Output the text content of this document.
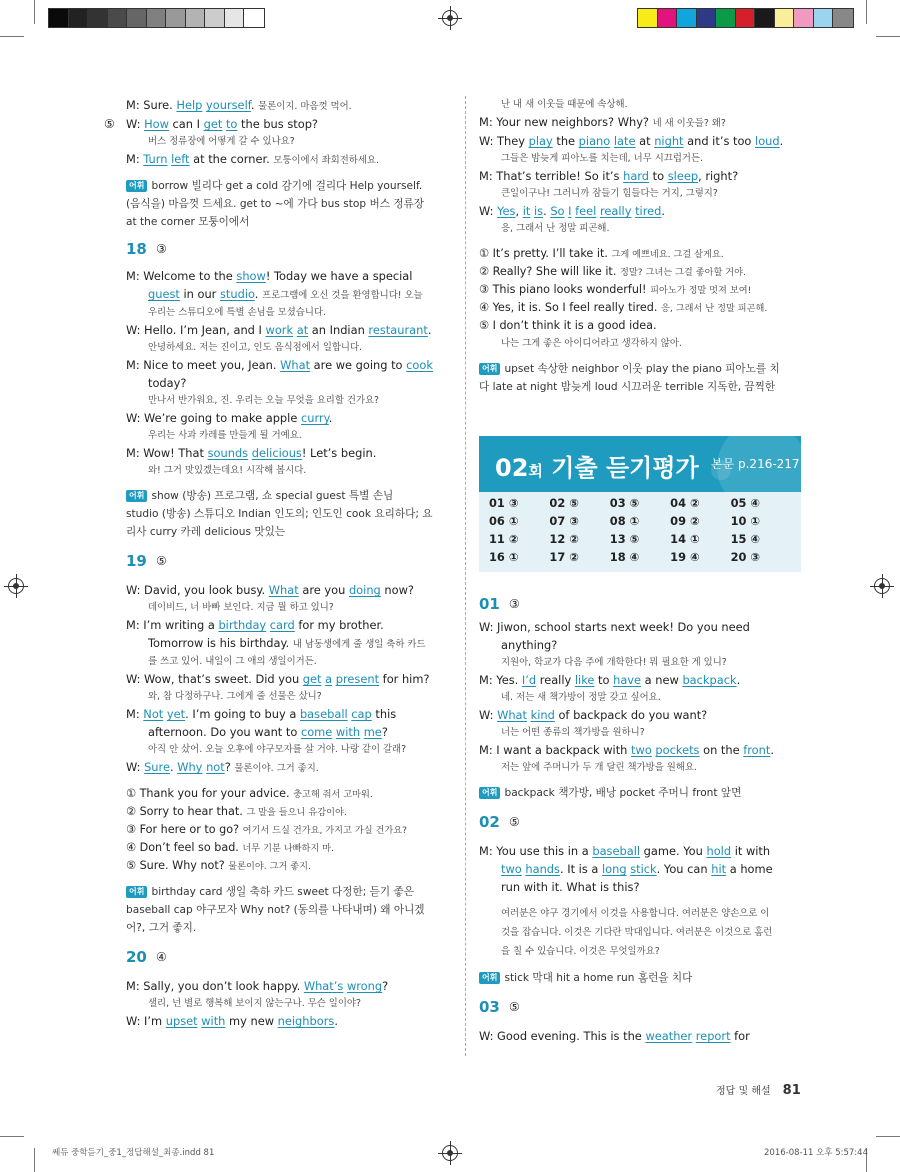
M: Sure. Help yourself. 물론이지. 마음껏 먹어.
⑤ W: How can I get to the bus stop?
버스 정류장에 어떻게 갈 수 있나요?
M: Turn left at the corner. 모퉁이에서 좌회전하세요.
어휘 borrow 빌리다 get a cold 감기에 걸리다 Help yourself.
(음식을) 마음껏 드세요. get to ~에 가다 bus stop 버스 정류장
at the corner 모퉁이에서
18 ③
M: Welcome to the show! Today we have a special
guest in our studio. 프로그램에 오신 것을 환영합니다! 오늘
우리는 스튜디오에 특별 손님을 모셨습니다.
W: Hello. I’m Jean, and I work at an Indian restaurant.
안녕하세요. 저는 진이고, 인도 음식점에서 일합니다.
M: Nice to meet you, Jean. What are we going to cook
today?
만나서 반가워요, 진. 우리는 오늘 무엇을 요리할 건가요?
W: We’re going to make apple curry.
우리는 사과 카레를 만들게 될 거예요.
M: Wow! That sounds delicious! Let’s begin.
와! 그거 맛있겠는데요! 시작해 봅시다.
어휘 show (방송) 프로그램, 쇼 special guest 특별 손님
studio (방송) 스튜디오 Indian 인도의; 인도인 cook 요리하다; 요
리사 curry 카레 delicious 맛있는
19 ⑤
W: David, you look busy. What are you doing now?
데이비드, 너 바빠 보인다. 지금 뭘 하고 있니?
M: I’m writing a birthday card for my brother.
Tomorrow is his birthday. 내 남동생에게 줄 생일 축하 카드
를 쓰고 있어. 내일이 그 애의 생일이거든.
W: Wow, that’s sweet. Did you get a present for him?
와, 참 다정하구나. 그에게 줄 선물은 샀니?
M: Not yet. I’m going to buy a baseball cap this
afternoon. Do you want to come with me?
아직 안 샀어. 오늘 오후에 야구모자를 살 거야. 나랑 같이 갈래?
W: Sure. Why not? 물론이야. 그거 좋지.
① Thank you for your advice. 충고해 줘서 고마워.
② Sorry to hear that. 그 말을 들으니 유감이야.
③ For here or to go? 여기서 드실 건가요, 가지고 가실 건가요?
④ Don’t feel so bad. 너무 기분 나빠하지 마.
⑤ Sure. Why not? 물론이야. 그거 좋지.
어휘 birthday card 생일 축하 카드 sweet 다정한; 듣기 좋은
baseball cap 야구모자 Why not? (동의를 나타내며) 왜 아니겠
어?, 그거 좋지.
20 ④
M: Sally, you don’t look happy. What’s wrong?
샐리, 넌 별로 행복해 보이지 않는구나. 무슨 일이야?
W: I’m upset with my new neighbors.
난 내 새 이웃들 때문에 속상해.
M: Your new neighbors? Why? 네 새 이웃들? 왜?
W: They play the piano late at night and it’s too loud.
그들은 밤늦게 피아노를 치는데, 너무 시끄럽거든.
M: That’s terrible! So it’s hard to sleep, right?
큰일이구나! 그러니까 잠들기 힘들다는 거지, 그렇지?
W: Yes, it is. So I feel really tired.
응, 그래서 난 정말 피곤해.
① It’s pretty. I’ll take it. 그게 예쁘네요. 그걸 살게요.
② Really? She will like it. 정말? 그녀는 그걸 좋아할 거야.
③ This piano looks wonderful! 피아노가 정말 멋져 보여!
④ Yes, it is. So I feel really tired. 응, 그래서 난 정말 피곤해.
⑤ I don’t think it is a good idea.
나는 그게 좋은 아이디어라고 생각하지 않아.
어휘 upset 속상한 neighbor 이웃 play the piano 피아노를 치
다 late at night 밤늦게 loud 시끄러운 terrible 지독한, 끔찍한
02회 기출 듣기평가 본문 p.216-217
01 ③	02 ⑤	03 ⑤	04 ②	05 ④
06 ①	07 ③	08 ①	09 ②	10 ①
11 ②	12 ②	13 ⑤	14 ①	15 ④
16 ①	17 ②	18 ④	19 ④	20 ③
01 ③
W: Jiwon, school starts next week! Do you need
anything?
지원아, 학교가 다음 주에 개학한다! 뭐 필요한 게 있니?
M: Yes. I’d really like to have a new backpack.
네. 저는 새 책가방이 정말 갖고 싶어요.
W: What kind of backpack do you want?
너는 어떤 종류의 책가방을 원하니?
M: I want a backpack with two pockets on the front.
저는 앞에 주머니가 두 개 달린 책가방을 원해요.
어휘 backpack 책가방, 배낭 pocket 주머니 front 앞면
02 ⑤
M: You use this in a baseball game. You hold it with
two hands. It is a long stick. You can hit a home
run with it. What is this?
여러분은 야구 경기에서 이것을 사용합니다. 여러분은 양손으로 이
것을 잡습니다. 이것은 기다란 막대입니다. 여러분은 이것으로 홈런
을 칠 수 있습니다. 이것은 무엇일까요?
어휘 stick 막대 hit a home run 홈런을 치다
03 ⑤
W: Good evening. This is the weather report for
정답 및 해설 81
쎄듀 중학듣기_중1_정답해설_최종.indd 81	2016-08-11 오후 5:57:44
